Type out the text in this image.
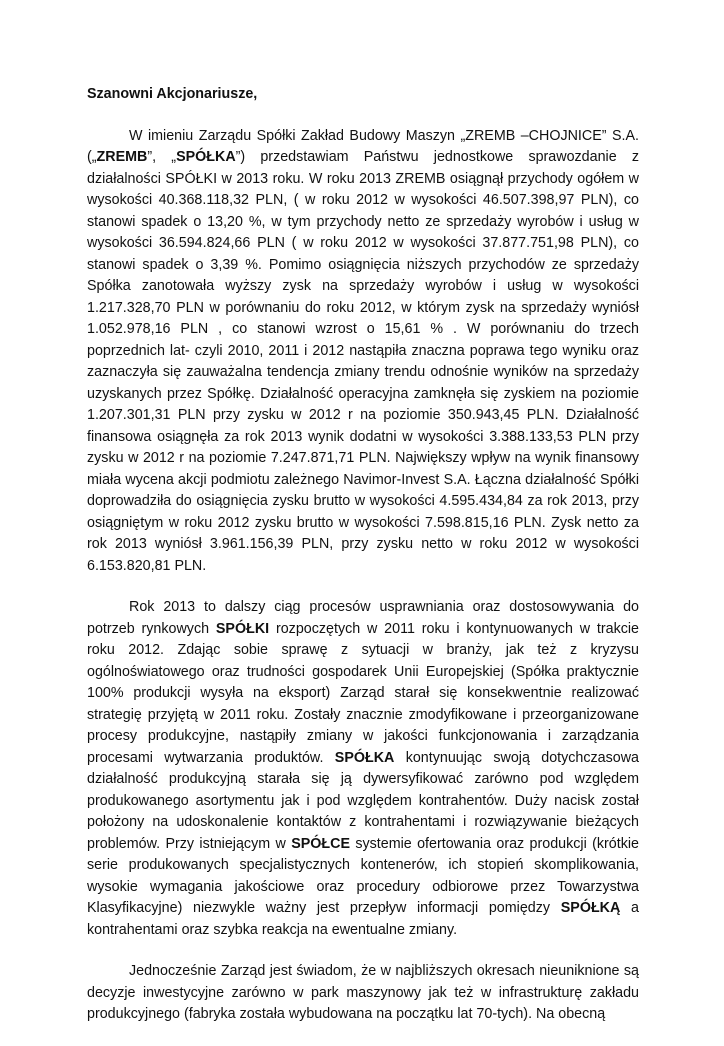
Szanowni Akcjonariusze,

W imieniu Zarządu Spółki Zakład Budowy Maszyn „ZREMB –CHOJNICE” S.A. („ZREMB”, „SPÓŁKA”) przedstawiam Państwu jednostkowe sprawozdanie z działalności SPÓŁKI w 2013 roku. W roku 2013 ZREMB osiągnął przychody ogółem w wysokości 40.368.118,32 PLN, ( w roku 2012 w wysokości 46.507.398,97 PLN), co stanowi spadek o 13,20 %, w tym przychody netto ze sprzedaży wyrobów i usług w wysokości 36.594.824,66 PLN ( w roku 2012 w wysokości 37.877.751,98 PLN), co stanowi spadek o 3,39 %. Pomimo osiągnięcia niższych przychodów ze sprzedaży Spółka zanotowała wyższy zysk na sprzedaży wyrobów i usług w wysokości 1.217.328,70 PLN w porównaniu do roku 2012, w którym zysk na sprzedaży wyniósł 1.052.978,16 PLN , co stanowi wzrost o 15,61 % . W porównaniu do trzech poprzednich lat- czyli 2010, 2011 i 2012 nastąpiła znaczna poprawa tego wyniku oraz zaznaczyła się zauważalna tendencja zmiany trendu odnośnie wyników na sprzedaży uzyskanych przez Spółkę. Działalność operacyjna zamknęła się zyskiem na poziomie 1.207.301,31 PLN przy zysku w 2012 r na poziomie 350.943,45 PLN. Działalność finansowa osiągnęła za rok 2013 wynik dodatni w wysokości 3.388.133,53 PLN przy zysku w 2012 r na poziomie 7.247.871,71 PLN. Największy wpływ na wynik finansowy miała wycena akcji podmiotu zależnego Navimor-Invest S.A. Łączna działalność Spółki doprowadziła do osiągnięcia zysku brutto w wysokości 4.595.434,84 za rok 2013, przy osiągniętym w roku 2012 zysku brutto w wysokości 7.598.815,16 PLN. Zysk netto za rok 2013 wyniósł 3.961.156,39 PLN, przy zysku netto w roku 2012 w wysokości 6.153.820,81 PLN.

Rok 2013 to dalszy ciąg procesów usprawniania oraz dostosowywania do potrzeb rynkowych SPÓŁKI rozpoczętych w 2011 roku i kontynuowanych w trakcie roku 2012. Zdając sobie sprawę z sytuacji w branży, jak też z kryzysu ogólnoświatowego oraz trudności gospodarek Unii Europejskiej (Spółka praktycznie 100% produkcji wysyła na eksport) Zarząd starał się konsekwentnie realizować strategię przyjętą w 2011 roku. Zostały znacznie zmodyfikowane i przeorganizowane procesy produkcyjne, nastąpiły zmiany w jakości funkcjonowania i zarządzania procesami wytwarzania produktów. SPÓŁKA kontynuując swoją dotychczasowa działalność produkcyjną starała się ją dywersyfikować zarówno pod względem produkowanego asortymentu jak i pod względem kontrahentów. Duży nacisk został położony na udoskonalenie kontaktów z kontrahentami i rozwiązywanie bieżących problemów. Przy istniejącym w SPÓŁCE systemie ofertowania oraz produkcji (krótkie serie produkowanych specjalistycznych kontenerów, ich stopień skomplikowania, wysokie wymagania jakościowe oraz procedury odbiorowe przez Towarzystwa Klasyfikacyjne) niezwykle ważny jest przepływ informacji pomiędzy SPÓŁKĄ a kontrahentami oraz szybka reakcja na ewentualne zmiany.

Jednocześnie Zarząd jest świadom, że w najbliższych okresach nieuniknione są decyzje inwestycyjne zarówno w park maszynowy jak też w infrastrukturę zakładu produkcyjnego (fabryka została wybudowana na początku lat 70-tych). Na obecną
